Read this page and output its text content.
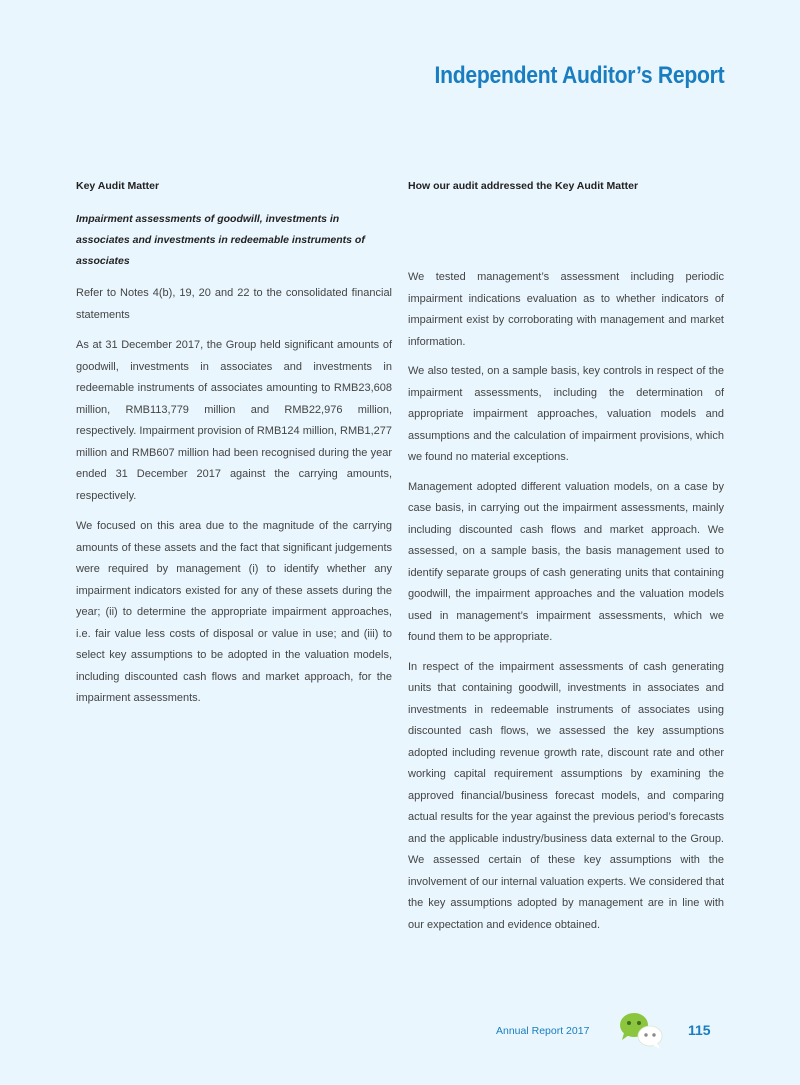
Independent Auditor’s Report
Key Audit Matter
Impairment assessments of goodwill, investments in associates and investments in redeemable instruments of associates

Refer to Notes 4(b), 19, 20 and 22 to the consolidated financial statements

As at 31 December 2017, the Group held significant amounts of goodwill, investments in associates and investments in redeemable instruments of associates amounting to RMB23,608 million, RMB113,779 million and RMB22,976 million, respectively. Impairment provision of RMB124 million, RMB1,277 million and RMB607 million had been recognised during the year ended 31 December 2017 against the carrying amounts, respectively.

We focused on this area due to the magnitude of the carrying amounts of these assets and the fact that significant judgements were required by management (i) to identify whether any impairment indicators existed for any of these assets during the year; (ii) to determine the appropriate impairment approaches, i.e. fair value less costs of disposal or value in use; and (iii) to select key assumptions to be adopted in the valuation models, including discounted cash flows and market approach, for the impairment assessments.

How our audit addressed the Key Audit Matter

We tested management’s assessment including periodic impairment indications evaluation as to whether indicators of impairment exist by corroborating with management and market information.

We also tested, on a sample basis, key controls in respect of the impairment assessments, including the determination of appropriate impairment approaches, valuation models and assumptions and the calculation of impairment provisions, which we found no material exceptions.

Management adopted different valuation models, on a case by case basis, in carrying out the impairment assessments, mainly including discounted cash flows and market approach. We assessed, on a sample basis, the basis management used to identify separate groups of cash generating units that containing goodwill, the impairment approaches and the valuation models used in management’s impairment assessments, which we found them to be appropriate.

In respect of the impairment assessments of cash generating units that containing goodwill, investments in associates and investments in redeemable instruments of associates using discounted cash flows, we assessed the key assumptions adopted including revenue growth rate, discount rate and other working capital requirement assumptions by examining the approved financial/business forecast models, and comparing actual results for the year against the previous period’s forecasts and the applicable industry/business data external to the Group. We assessed certain of these key assumptions with the involvement of our internal valuation experts. We considered that the key assumptions adopted by management are in line with our expectation and evidence obtained.

Annual Report 2017	115
